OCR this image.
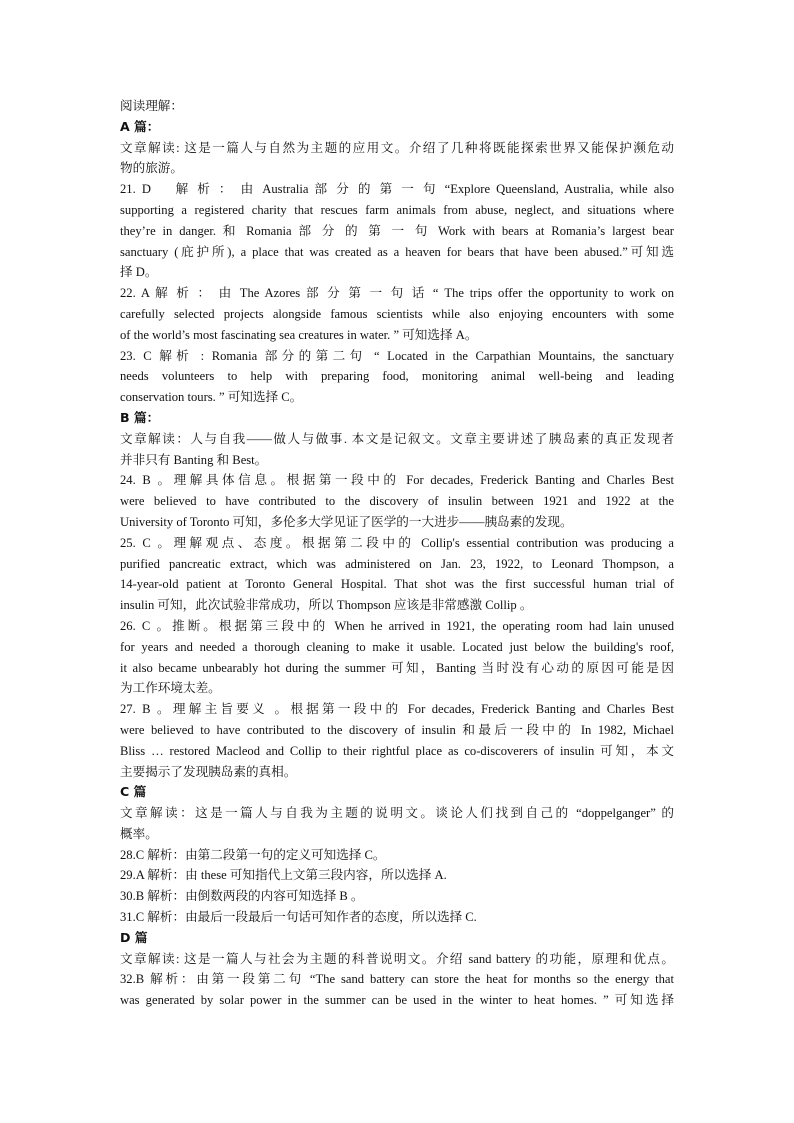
阅读理解：
A 篇：
文章解读: 这是一篇人与自然为主题的应用文。介绍了几种将既能探索世界又能保护濒危动
物的旅游。
21. D　 解 析 ： 由 Australia 部 分 的 第 一 句 “Explore Queensland, Australia, while also
supporting a registered charity that rescues farm animals from abuse, neglect, and situations where
they’re in danger. 和 Romania 部 分 的 第 一 句 Work with bears at Romania’s largest bear
sanctuary (庇护所), a place that was created as a heaven for bears that have been abused.”可知选
择 D。
22. A 解 析 ： 由 The Azores 部 分 第 一 句 话 “ The trips offer the opportunity to work on
carefully selected projects alongside famous scientists while also enjoying encounters with some
of the world’s most fascinating sea creatures in water. ” 可知选择 A。
23. C 解析 : Romania 部分的第二句 “ Located in the Carpathian Mountains, the sanctuary
needs volunteers to help with preparing food, monitoring animal well-being and leading
conservation tours. ” 可知选择 C。
B 篇：
文章解读：人与自我——做人与做事. 本文是记叙文。文章主要讲述了胰岛素的真正发现者
并非只有 Banting 和 Best。
24. B 。理解具体信息。根据第一段中的 For decades, Frederick Banting and Charles Best
were believed to have contributed to the discovery of insulin between 1921 and 1922 at the
University of Toronto 可知，多伦多大学见证了医学的一大进步——胰岛素的发现。
25. C 。理解观点、态度。根据第二段中的 Collip's essential contribution was producing a
purified pancreatic extract, which was administered on Jan. 23, 1922, to Leonard Thompson, a
14-year-old patient at Toronto General Hospital. That shot was the first successful human trial of
insulin 可知，此次试验非常成功，所以 Thompson 应该是非常感激 Collip 。
26. C 。推断。根据第三段中的 When he arrived in 1921, the operating room had lain unused
for years and needed a thorough cleaning to make it usable. Located just below the building's roof,
it also became unbearably hot during the summer 可知，Banting 当时没有心动的原因可能是因
为工作环境太差。
27. B 。理解主旨要义 。根据第一段中的 For decades, Frederick Banting and Charles Best
were believed to have contributed to the discovery of insulin 和最后一段中的 In 1982, Michael
Bliss … restored Macleod and Collip to their rightful place as co-discoverers of insulin 可知，本文
主要揭示了发现胰岛素的真相。
C 篇
文章解读：这是一篇人与自我为主题的说明文。谈论人们找到自己的 “doppelganger” 的
概率。
28.C 解析：由第二段第一句的定义可知选择 C。
29.A 解析：由 these 可知指代上文第三段内容，所以选择 A.
30.B 解析：由倒数两段的内容可知选择 B 。
31.C 解析：由最后一段最后一句话可知作者的态度，所以选择 C.
D 篇
文章解读: 这是一篇人与社会为主题的科普说明文。介绍 sand battery 的功能，原理和优点。
32.B 解析：由第一段第二句 “The sand battery can store the heat for months so the energy that
was generated by solar power in the summer can be used in the winter to heat homes. ” 可知选择
